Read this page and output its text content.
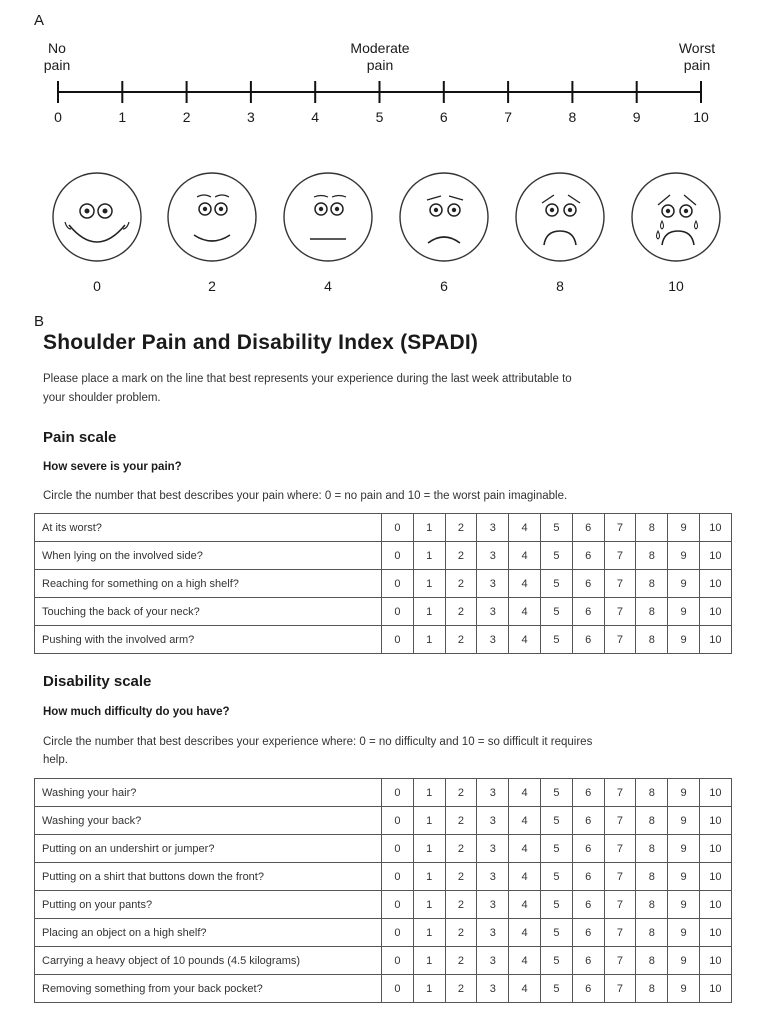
A
No
pain
Moderate
pain
Worst
pain
0	1	2	3	4	5	6	7	8	9	10
0	2	4	6	8	10
B
Shoulder Pain and Disability Index (SPADI)
Please place a mark on the line that best represents your experience during the last week attributable to
your shoulder problem.
Pain scale
How severe is your pain?
Circle the number that best describes your pain where: 0 = no pain and 10 = the worst pain imaginable.
At its worst?	0	1	2	3	4	5	6	7	8	9	10
When lying on the involved side?	0	1	2	3	4	5	6	7	8	9	10
Reaching for something on a high shelf?	0	1	2	3	4	5	6	7	8	9	10
Touching the back of your neck?	0	1	2	3	4	5	6	7	8	9	10
Pushing with the involved arm?	0	1	2	3	4	5	6	7	8	9	10
Disability scale
How much difficulty do you have?
Circle the number that best describes your experience where: 0 = no difficulty and 10 = so difficult it requires
help.
Washing your hair?	0	1	2	3	4	5	6	7	8	9	10
Washing your back?	0	1	2	3	4	5	6	7	8	9	10
Putting on an undershirt or jumper?	0	1	2	3	4	5	6	7	8	9	10
Putting on a shirt that buttons down the front?	0	1	2	3	4	5	6	7	8	9	10
Putting on your pants?	0	1	2	3	4	5	6	7	8	9	10
Placing an object on a high shelf?	0	1	2	3	4	5	6	7	8	9	10
Carrying a heavy object of 10 pounds (4.5 kilograms)	0	1	2	3	4	5	6	7	8	9	10
Removing something from your back pocket?	0	1	2	3	4	5	6	7	8	9	10
